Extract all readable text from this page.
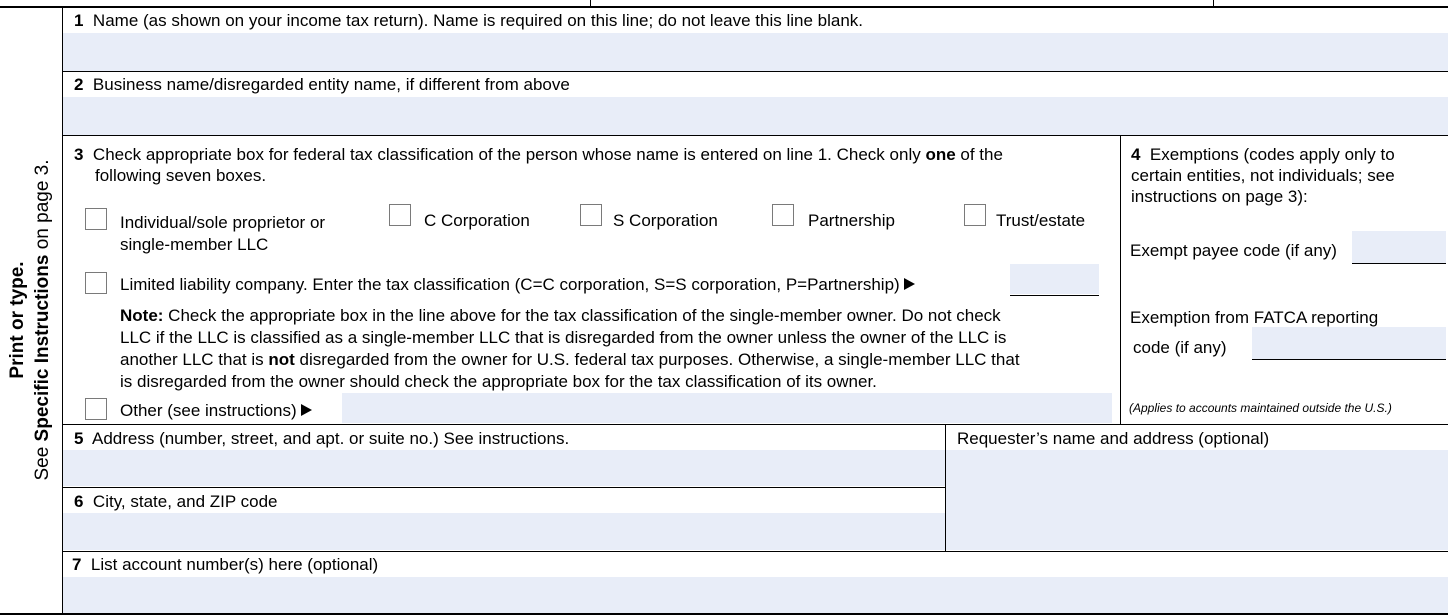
Print or type.
See Specific Instructions on page 3.
1 Name (as shown on your income tax return). Name is required on this line; do not leave this line blank.
2 Business name/disregarded entity name, if different from above
3 Check appropriate box for federal tax classification of the person whose name is entered on line 1. Check only one of the
following seven boxes.
Individual/sole proprietor or
single-member LLC
C Corporation	S Corporation	Partnership	Trust/estate
Limited liability company. Enter the tax classification (C=C corporation, S=S corporation, P=Partnership)
Note: Check the appropriate box in the line above for the tax classification of the single-member owner. Do not check
LLC if the LLC is classified as a single-member LLC that is disregarded from the owner unless the owner of the LLC is
another LLC that is not disregarded from the owner for U.S. federal tax purposes. Otherwise, a single-member LLC that
is disregarded from the owner should check the appropriate box for the tax classification of its owner.
Other (see instructions)
4 Exemptions (codes apply only to
certain entities, not individuals; see
instructions on page 3):
Exempt payee code (if any)
Exemption from FATCA reporting
code (if any)
(Applies to accounts maintained outside the U.S.)
5 Address (number, street, and apt. or suite no.) See instructions.	Requester’s name and address (optional)
6 City, state, and ZIP code
7 List account number(s) here (optional)
